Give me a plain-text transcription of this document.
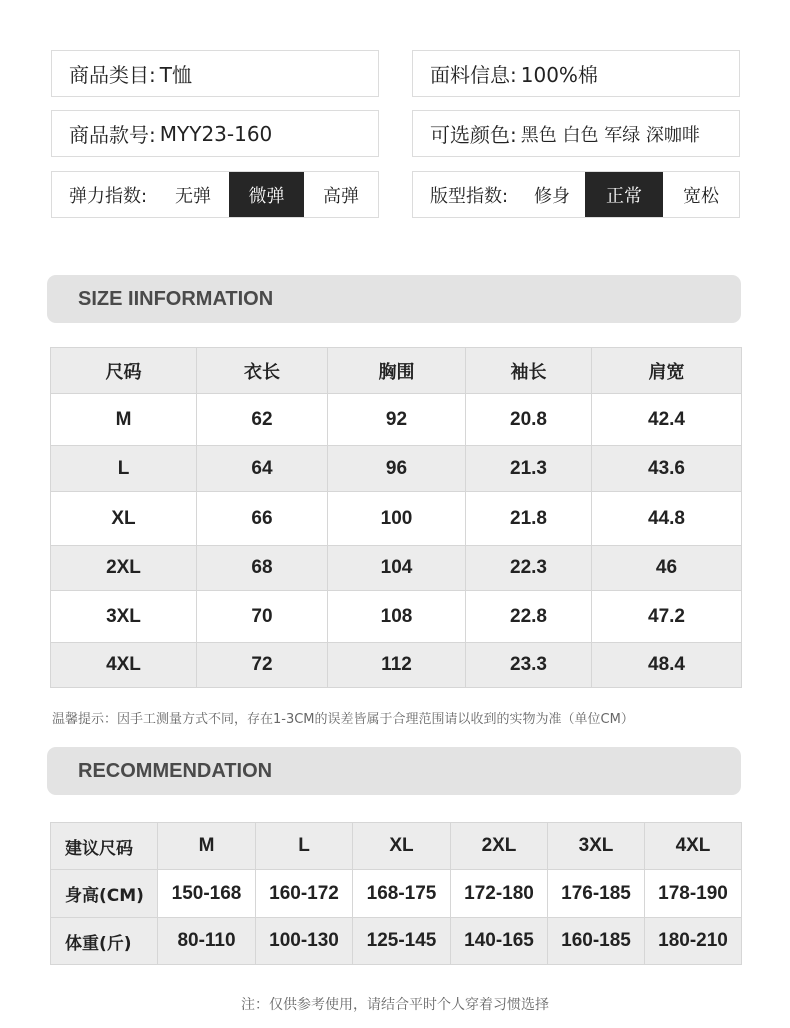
商品类目: T恤	面料信息: 100%棉
商品款号: MYY23-160	可选颜色: 黑色 白色 军绿 深咖啡
弹力指数:	无弹	微弹	高弹	版型指数:	修身	正常	宽松
SIZE IINFORMATION
尺码	衣长	胸围	袖长	肩宽
M	62	92	20.8	42.4
L	64	96	21.3	43.6
XL	66	100	21.8	44.8
2XL	68	104	22.3	46
3XL	70	108	22.8	47.2
4XL	72	112	23.3	48.4
温馨提示：因手工测量方式不同，存在1-3CM的误差皆属于合理范围请以收到的实物为准（单位CM）
RECOMMENDATION
建议尺码	M	L	XL	2XL	3XL	4XL
身高(CM)	150-168	160-172	168-175	172-180	176-185	178-190
体重(斤)	80-110	100-130	125-145	140-165	160-185	180-210
注：仅供参考使用，请结合平时个人穿着习惯选择
